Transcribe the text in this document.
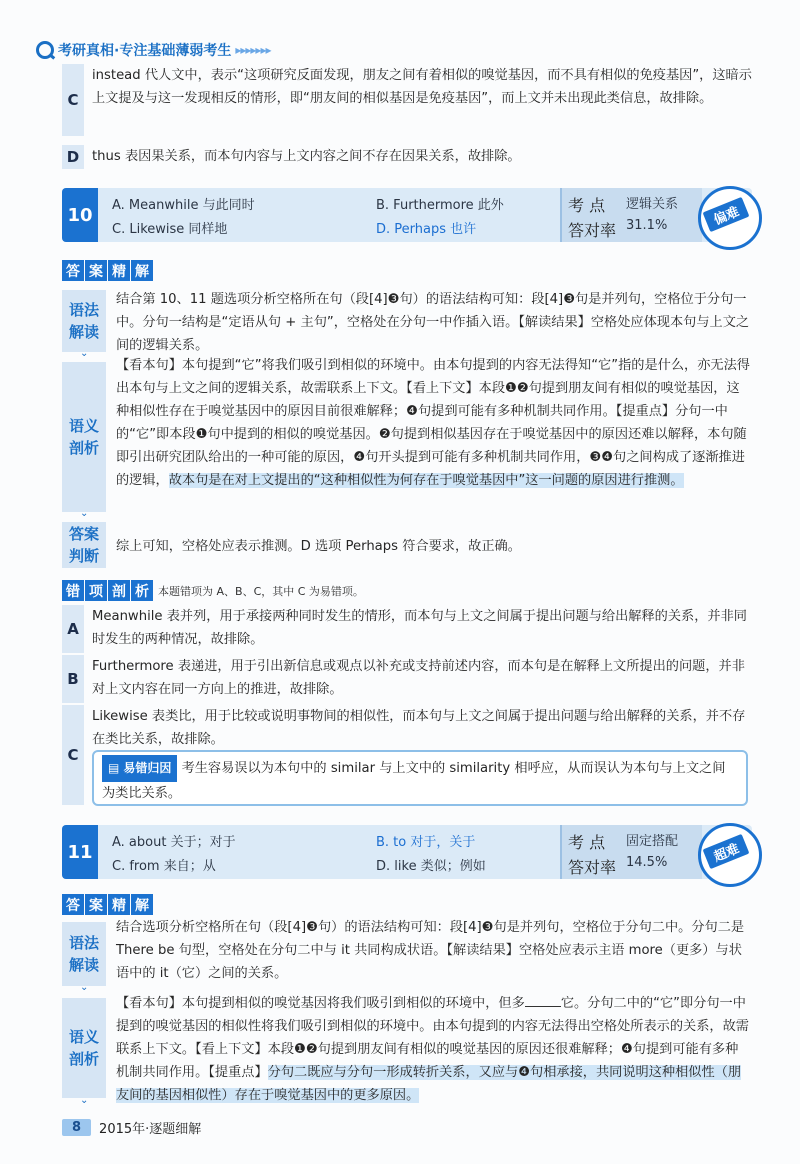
考研真相·专注基础薄弱考生 ▸▸▸▸▸▸▸
C
instead 代人文中，表示“这项研究反面发现，朋友之间有着相似的嗅觉基因，而不具有相似的免疫基因”，这暗示上文提及与这一发现相反的情形，即“朋友间的相似基因是免疫基因”，而上文并未出现此类信息，故排除。
D thus 表因果关系，而本句内容与上文内容之间不存在因果关系，故排除。
10	A. Meanwhile 与此同时	B. Furthermore 此外
C. Likewise 同样地	D. Perhaps 也许
考 点 逻辑关系
答对率 31.1%	偏难
答 案 精 解
语法解读
⌄
结合第 10、11 题选项分析空格所在句（段[4]❸句）的语法结构可知：段[4]❸句是并列句，空格位于分句一中。分句一结构是“定语从句 + 主句”，空格处在分句一中作插入语。【解读结果】空格处应体现本句与上文之间的逻辑关系。
语义剖析
⌄
【看本句】本句提到“它”将我们吸引到相似的环境中。由本句提到的内容无法得知“它”指的是什么，亦无法得出本句与上文之间的逻辑关系，故需联系上下文。【看上下文】本段❶❷句提到朋友间有相似的嗅觉基因，这种相似性存在于嗅觉基因中的原因目前很难解释；❹句提到可能有多种机制共同作用。【提重点】分句一中的“它”即本段❶句中提到的相似的嗅觉基因。❷句提到相似基因存在于嗅觉基因中的原因还难以解释，本句随即引出研究团队给出的一种可能的原因，❹句开头提到可能有多种机制共同作用，❸❹句之间构成了逐渐推进的逻辑，故本句是在对上文提出的“这种相似性为何存在于嗅觉基因中”这一问题的原因进行推测。
答案判断
综上可知，空格处应表示推测。D 选项 Perhaps 符合要求，故正确。
错 项 剖 析 本题错项为 A、B、C，其中 C 为易错项。
A
Meanwhile 表并列，用于承接两种同时发生的情形，而本句与上文之间属于提出问题与给出解释的关系，并非同时发生的两种情况，故排除。
B
Furthermore 表递进，用于引出新信息或观点以补充或支持前述内容，而本句是在解释上文所提出的问题，并非对上文内容在同一方向上的推进，故排除。
C
Likewise 表类比，用于比较或说明事物间的相似性，而本句与上文之间属于提出问题与给出解释的关系，并不存在类比关系，故排除。
▤ 易错归因 考生容易误以为本句中的 similar 与上文中的 similarity 相呼应，从而误认为本句与上文之间为类比关系。
11	A. about 关于；对于	B. to 对于，关于
C. from 来自；从	D. like 类似；例如
考 点 固定搭配
答对率 14.5%	超难
答 案 精 解
语法解读
⌄
结合选项分析空格所在句（段[4]❸句）的语法结构可知：段[4]❸句是并列句，空格位于分句二中。分句二是 There be 句型，空格处在分句二中与 it 共同构成状语。【解读结果】空格处应表示主语 more（更多）与状语中的 it（它）之间的关系。
语义剖析
⌄
【看本句】本句提到相似的嗅觉基因将我们吸引到相似的环境中，但多	它。分句二中的“它”即分句一中提到的嗅觉基因的相似性将我们吸引到相似的环境中。由本句提到的内容无法得出空格处所表示的关系，故需联系上下文。【看上下文】本段❶❷句提到朋友间有相似的嗅觉基因的原因还很难解释；❹句提到可能有多种机制共同作用。【提重点】分句二既应与分句一形成转折关系，又应与❹句相承接，共同说明这种相似性（朋友间的基因相似性）存在于嗅觉基因中的更多原因。
8	2015年·逐题细解
